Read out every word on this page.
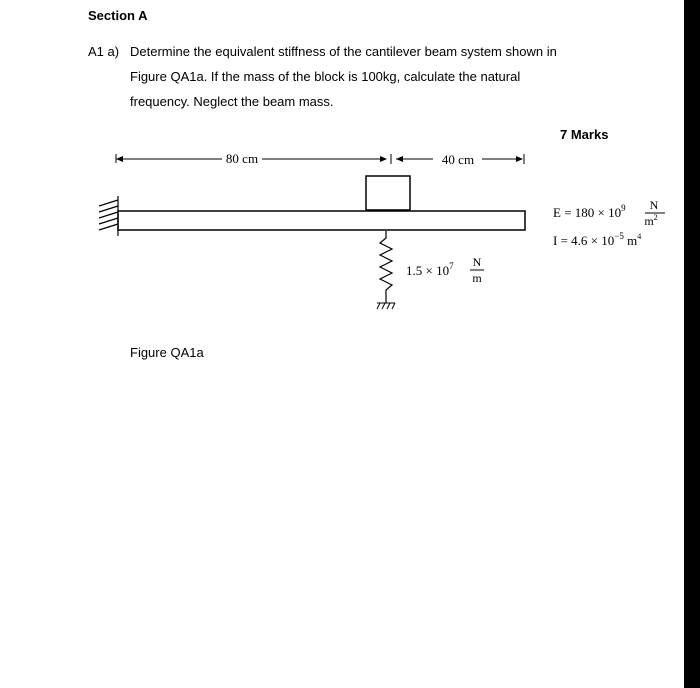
Section A
A1 a) Determine the equivalent stiffness of the cantilever beam system shown in
Figure QA1a. If the mass of the block is 100kg, calculate the natural
frequency. Neglect the beam mass.
7 Marks
80 cm	40 cm
$1.5 \times 10^7$ N
m
$E = 180 \times 10^9$ N
$m^2$
$I = 4.6 \times 10^{-5}$ $m^4$
Figure QA1a
